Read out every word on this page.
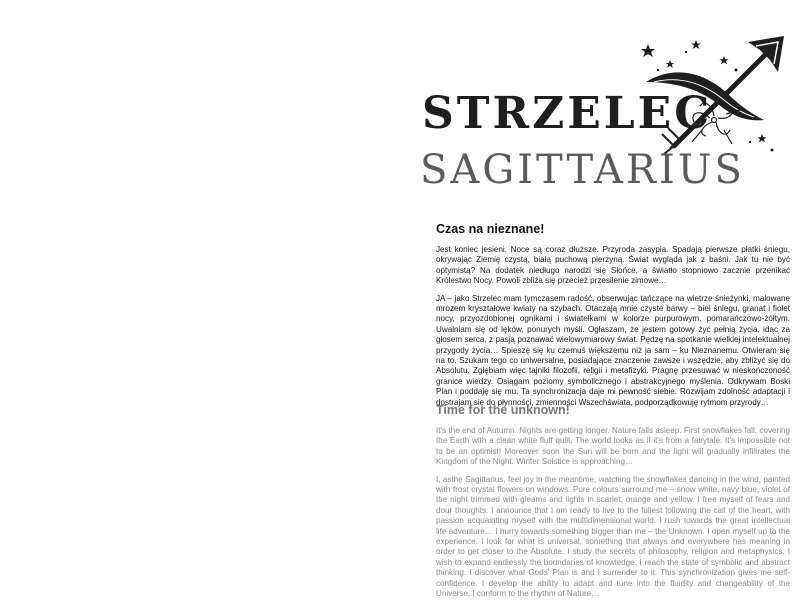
STRZELEC
SAGITTARIUS
Czas na nieznane!

Jest koniec jesieni. Noce są coraz dłuższe. Przyroda zasypia. Spadają pierwsze płatki śniegu, okrywając Ziemię czystą, białą puchową pierzyną. Świat wygląda jak z baśni. Jak tu nie być optymistą? Na dodatek niedługo narodzi się Słońce, a światło stopniowo zacznie przenikać Królestwo Nocy. Powoli zbliża się przecież przesilenie zimowe…

JA – jako Strzelec mam tymczasem radość, obserwując tańczące na wietrze śnieżynki, malowane mrozem kryształowe kwiaty na szybach. Otaczają mnie czyste barwy – biel śniegu, granat i fiolet nocy, przyozdobionej ognikami i światełkami w kolorze purpurowym, pomarańczowo-żółtym. Uwalniam się od lęków, ponurych myśli. Ogłaszam, że jestem gotowy żyć pełnią życia, idąc za głosem serca, z pasją poznawać wielowymiarowy świat. Pędzę na spotkanie wielkiej intelektualnej przygody życia… Spieszę się ku czemuś większemu niż ja sam – ku Nieznanemu. Otwieram się na to. Szukam tego co uniwersalne, posiadające znaczenie zawsze i wszędzie, aby zbliżyć się do Absolutu. Zgłębiam więc tajniki filozofii, religii i metafizyki. Pragnę przesuwać w nieskończoność granice wiedzy. Osiągam poziomy symbolicznego i abstrakcyjnego myślenia. Odkrywam Boski Plan i poddaję się mu. Ta synchronizacja daje mi pewność siebie. Rozwijam zdolność adaptacji i dostrajam się do płynności, zmienności Wszechświata, podporządkowuję rytmom przyrody…

Time for the unknown!

It's the end of Autumn. Nights are getting longer. Nature falls asleep. First snowflakes fall, covering the Earth with a clean white fluff quilt. The world looks as if it's from a fairytale. It's impossible not to be an optimist! Moreover soon the Sun will be born and the light will gradually infiltrates the Kingdom of the Night. Winter Solstice is approaching…

I, asthe Sagittarius, feel joy in the meantime, watching the snowflakes dancing in the wind, painted with frost crystal flowers on windows. Pure colours surround me – snow white, navy blue, violet of the night trimmed with gleams and lights in scarlet, orange and yellow. I free myself of fears and dour thoughts. I announce that I am ready to live to the fullest following the call of the heart, with passion acquainting myself with the multidimensional world. I rush towards the great intellectual life adventure… I hurry towards something bigger than me – the Unknown. I open myself up to the experience. I look for what is universal, something that always and everywhere has meaning in order to get closer to the Absolute. I study the secrets of philosophy, religion and metaphysics. I wish to expand endlessly the boundaries of knowledge. I reach the state of symbolic and abstract thinking. I discover what Gods' Plan is and I surrender to it. This synchronization gives me self-confidence. I develop the ability to adapt and tune into the fluidity and changeability of the Universe. I conform to the rhythm of Nature…
